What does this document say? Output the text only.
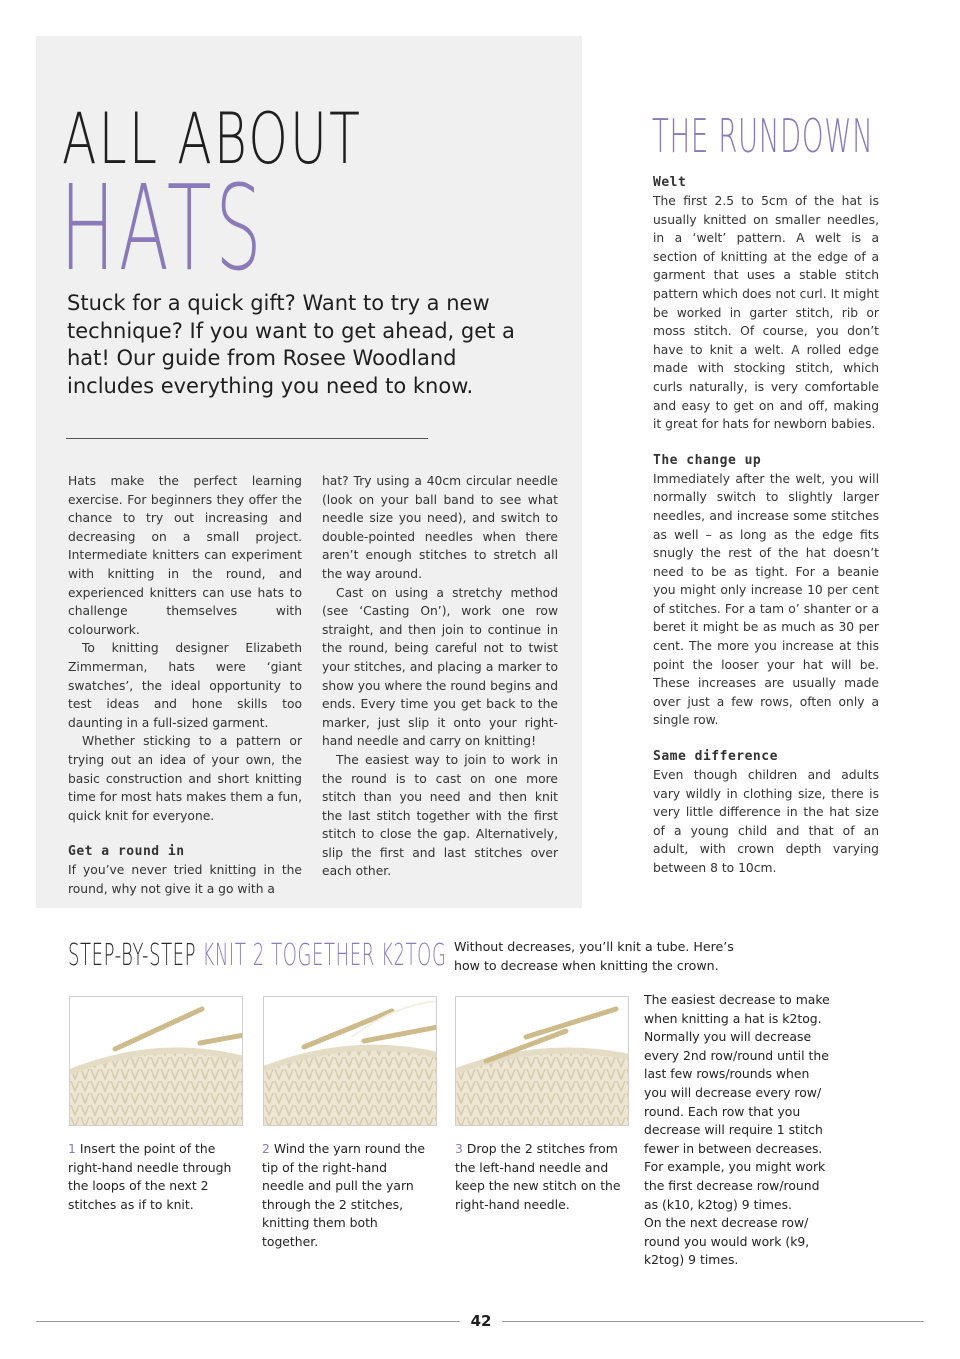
ALL ABOUT
HATS
Stuck for a quick gift? Want to try a new technique? If you want to get ahead, get a hat! Our guide from Rosee Woodland includes everything you need to know.

Hats make the perfect learning exercise. For beginners they offer the chance to try out increasing and decreasing on a small project. Intermediate knitters can experiment with knitting in the round, and experienced knitters can use hats to challenge themselves with colourwork.

To knitting designer Elizabeth Zimmerman, hats were ‘giant swatches’, the ideal opportunity to test ideas and hone skills too daunting in a full-sized garment.

Whether sticking to a pattern or trying out an idea of your own, the basic construction and short knitting time for most hats makes them a fun, quick knit for everyone.

Get a round in

If you’ve never tried knitting in the round, why not give it a go with a

hat? Try using a 40cm circular needle (look on your ball band to see what needle size you need), and switch to double-pointed needles when there aren’t enough stitches to stretch all the way around.

Cast on using a stretchy method (see ‘Casting On’), work one row straight, and then join to continue in the round, being careful not to twist your stitches, and placing a marker to show you where the round begins and ends. Every time you get back to the marker, just slip it onto your right-hand needle and carry on knitting!

The easiest way to join to work in the round is to cast on one more stitch than you need and then knit the last stitch together with the first stitch to close the gap. Alternatively, slip the first and last stitches over each other.

THE RUNDOWN

Welt

The first 2.5 to 5cm of the hat is usually knitted on smaller needles, in a ‘welt’ pattern. A welt is a section of knitting at the edge of a garment that uses a stable stitch pattern which does not curl. It might be worked in garter stitch, rib or moss stitch. Of course, you don’t have to knit a welt. A rolled edge made with stocking stitch, which curls naturally, is very comfortable and easy to get on and off, making it great for hats for newborn babies.

The change up

Immediately after the welt, you will normally switch to slightly larger needles, and increase some stitches as well – as long as the edge fits snugly the rest of the hat doesn’t need to be as tight. For a beanie you might only increase 10 per cent of stitches. For a tam o’ shanter or a beret it might be as much as 30 per cent. The more you increase at this point the looser your hat will be. These increases are usually made over just a few rows, often only a single row.

Same difference

Even though children and adults vary wildly in clothing size, there is very little difference in the hat size of a young child and that of an adult, with crown depth varying between 8 to 10cm.

STEP-BY-STEP KNIT 2 TOGETHER K2TOG Without decreases, you’ll knit a tube. Here’s how to decrease when knitting the crown.
1 Insert the point of the right-hand needle through the loops of the next 2 stitches as if to knit.
2 Wind the yarn round the tip of the right-hand needle and pull the yarn through the 2 stitches, knitting them both together.
3 Drop the 2 stitches from the left-hand needle and keep the new stitch on the right-hand needle.

The easiest decrease to make when knitting a hat is k2tog. Normally you will decrease every 2nd row/round until the last few rows/rounds when you will decrease every row/ round. Each row that you decrease will require 1 stitch fewer in between decreases. For example, you might work the first decrease row/round as (k10, k2tog) 9 times.

On the next decrease row/ round you would work (k9, k2tog) 9 times.

42
